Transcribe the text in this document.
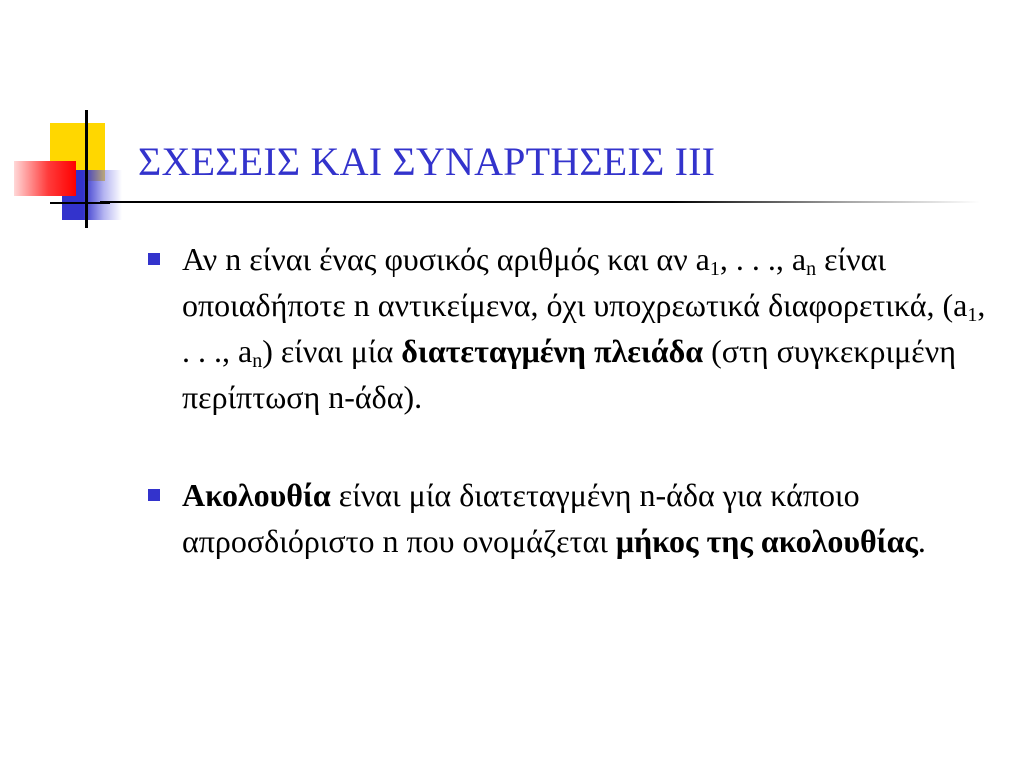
ΣΧΕΣΕΙΣ ΚΑΙ ΣΥΝΑΡΤΗΣΕΙΣ III
Αν n είναι ένας φυσικός αριθμός και αν $a_1$, . . ., $a_n$ είναι οποιαδήποτε n αντικείμενα, όχι υποχρεωτικά διαφορετικά, ($a_1$, . . ., $a_n$) είναι μία διατεταγμένη πλειάδα (στη συγκεκριμένη περίπτωση n-άδα).
Ακολουθία είναι μία διατεταγμένη n-άδα για κάποιο απροσδιόριστο n που ονομάζεται μήκος της ακολουθίας.
